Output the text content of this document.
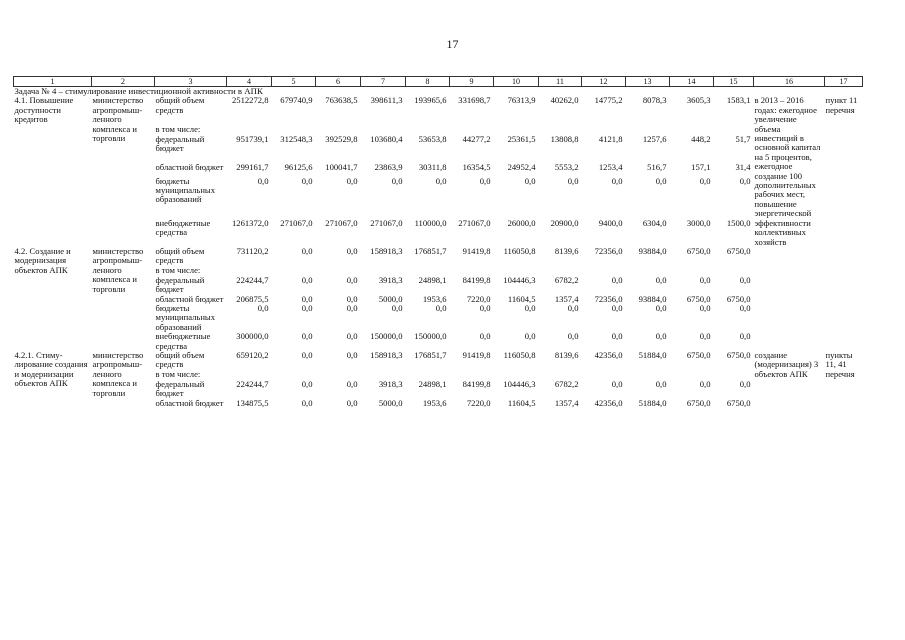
17
1	2	3	4	5	6	7	8	9	10	11	12	13	14	15	16	17
Задача № 4 – стимулирование инвестиционной активности в АПК																
4.1. Повышение доступности кредитов	министерство агропромыш-ленного комплекса и торговли	общий объем средств	2512272,8	679740,9	763638,5	398611,3	193965,6	331698,7	76313,9	40262,0	14775,2	8078,3	3605,3	1583,1	в 2013 – 2016 годах: ежегодное увеличение объема инвестиций в основной капитал на 5 процентов, ежегодное создание 100 дополнительных рабочих мест, повышение энергетической эффективности коллективных хозяйств	пункт 11 перечня
		в том числе:														
		федеральный бюджет	951739,1	312548,3	392529,8	103680,4	53653,8	44277,2	25361,5	13808,8	4121,8	1257,6	448,2	51,7		
		областной бюджет	299161,7	96125,6	100041,7	23863,9	30311,8	16354,5	24952,4	5553,2	1253,4	516,7	157,1	31,4		
		бюджеты муниципальных образований	0,0	0,0	0,0	0,0	0,0	0,0	0,0	0,0	0,0	0,0	0,0	0,0		
		внебюджетные средства	1261372,0	271067,0	271067,0	271067,0	110000,0	271067,0	26000,0	20900,0	9400,0	6304,0	3000,0	1500,0		
4.2. Создание и модернизация объектов АПК	министерство агропромыш-ленного комплекса и торговли	общий объем средств	731120,2	0,0	0,0	158918,3	176851,7	91419,8	116050,8	8139,6	72356,0	93884,0	6750,0	6750,0		
		в том числе:														
		федеральный бюджет	224244,7	0,0	0,0	3918,3	24898,1	84199,8	104446,3	6782,2	0,0	0,0	0,0	0,0		
		областной бюджет	206875,5	0,0	0,0	5000,0	1953,6	7220,0	11604,5	1357,4	72356,0	93884,0	6750,0	6750,0		
		бюджеты муниципальных образований	0,0	0,0	0,0	0,0	0,0	0,0	0,0	0,0	0,0	0,0	0,0	0,0		
		внебюджетные средства	300000,0	0,0	0,0	150000,0	150000,0	0,0	0,0	0,0	0,0	0,0	0,0	0,0		
4.2.1. Стиму-лирование создания и модернизации объектов АПК	министерство агропромыш-ленного комплекса и торговли	общий объем средств	659120,2	0,0	0,0	158918,3	176851,7	91419,8	116050,8	8139,6	42356,0	51884,0	6750,0	6750,0	создание (модернизация) 3 объектов АПК	пункты 11, 41 перечня
		в том числе:														
		федеральный бюджет	224244,7	0,0	0,0	3918,3	24898,1	84199,8	104446,3	6782,2	0,0	0,0	0,0	0,0		
		областной бюджет	134875,5	0,0	0,0	5000,0	1953,6	7220,0	11604,5	1357,4	42356,0	51884,0	6750,0	6750,0		
